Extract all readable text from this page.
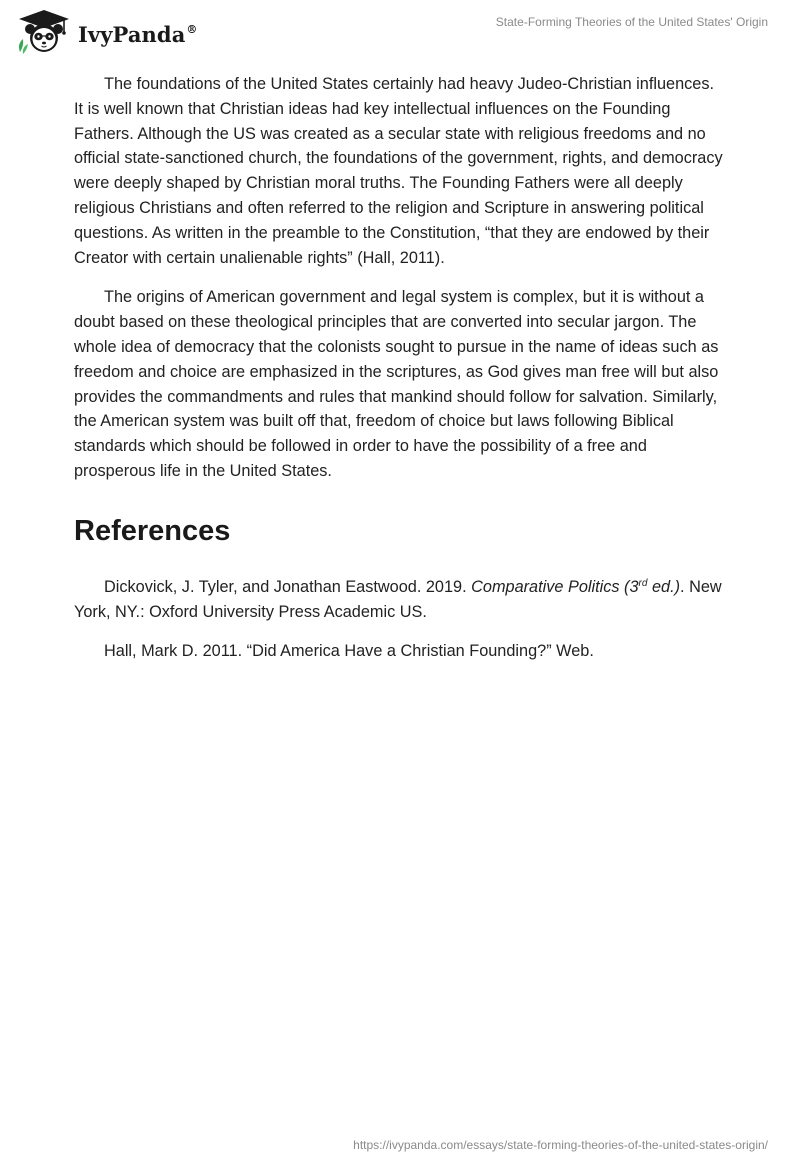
IvyPanda®	State-Forming Theories of the United States' Origin

The foundations of the United States certainly had heavy Judeo-Christian influences. It is well known that Christian ideas had key intellectual influences on the Founding Fathers. Although the US was created as a secular state with religious freedoms and no official state-sanctioned church, the foundations of the government, rights, and democracy were deeply shaped by Christian moral truths. The Founding Fathers were all deeply religious Christians and often referred to the religion and Scripture in answering political questions. As written in the preamble to the Constitution, “that they are endowed by their Creator with certain unalienable rights” (Hall, 2011).

The origins of American government and legal system is complex, but it is without a doubt based on these theological principles that are converted into secular jargon. The whole idea of democracy that the colonists sought to pursue in the name of ideas such as freedom and choice are emphasized in the scriptures, as God gives man free will but also provides the commandments and rules that mankind should follow for salvation. Similarly, the American system was built off that, freedom of choice but laws following Biblical standards which should be followed in order to have the possibility of a free and prosperous life in the United States.

References

Dickovick, J. Tyler, and Jonathan Eastwood. 2019. Comparative Politics (3rd ed.). New York, NY.: Oxford University Press Academic US.

Hall, Mark D. 2011. “Did America Have a Christian Founding?” Web.

https://ivypanda.com/essays/state-forming-theories-of-the-united-states-origin/
